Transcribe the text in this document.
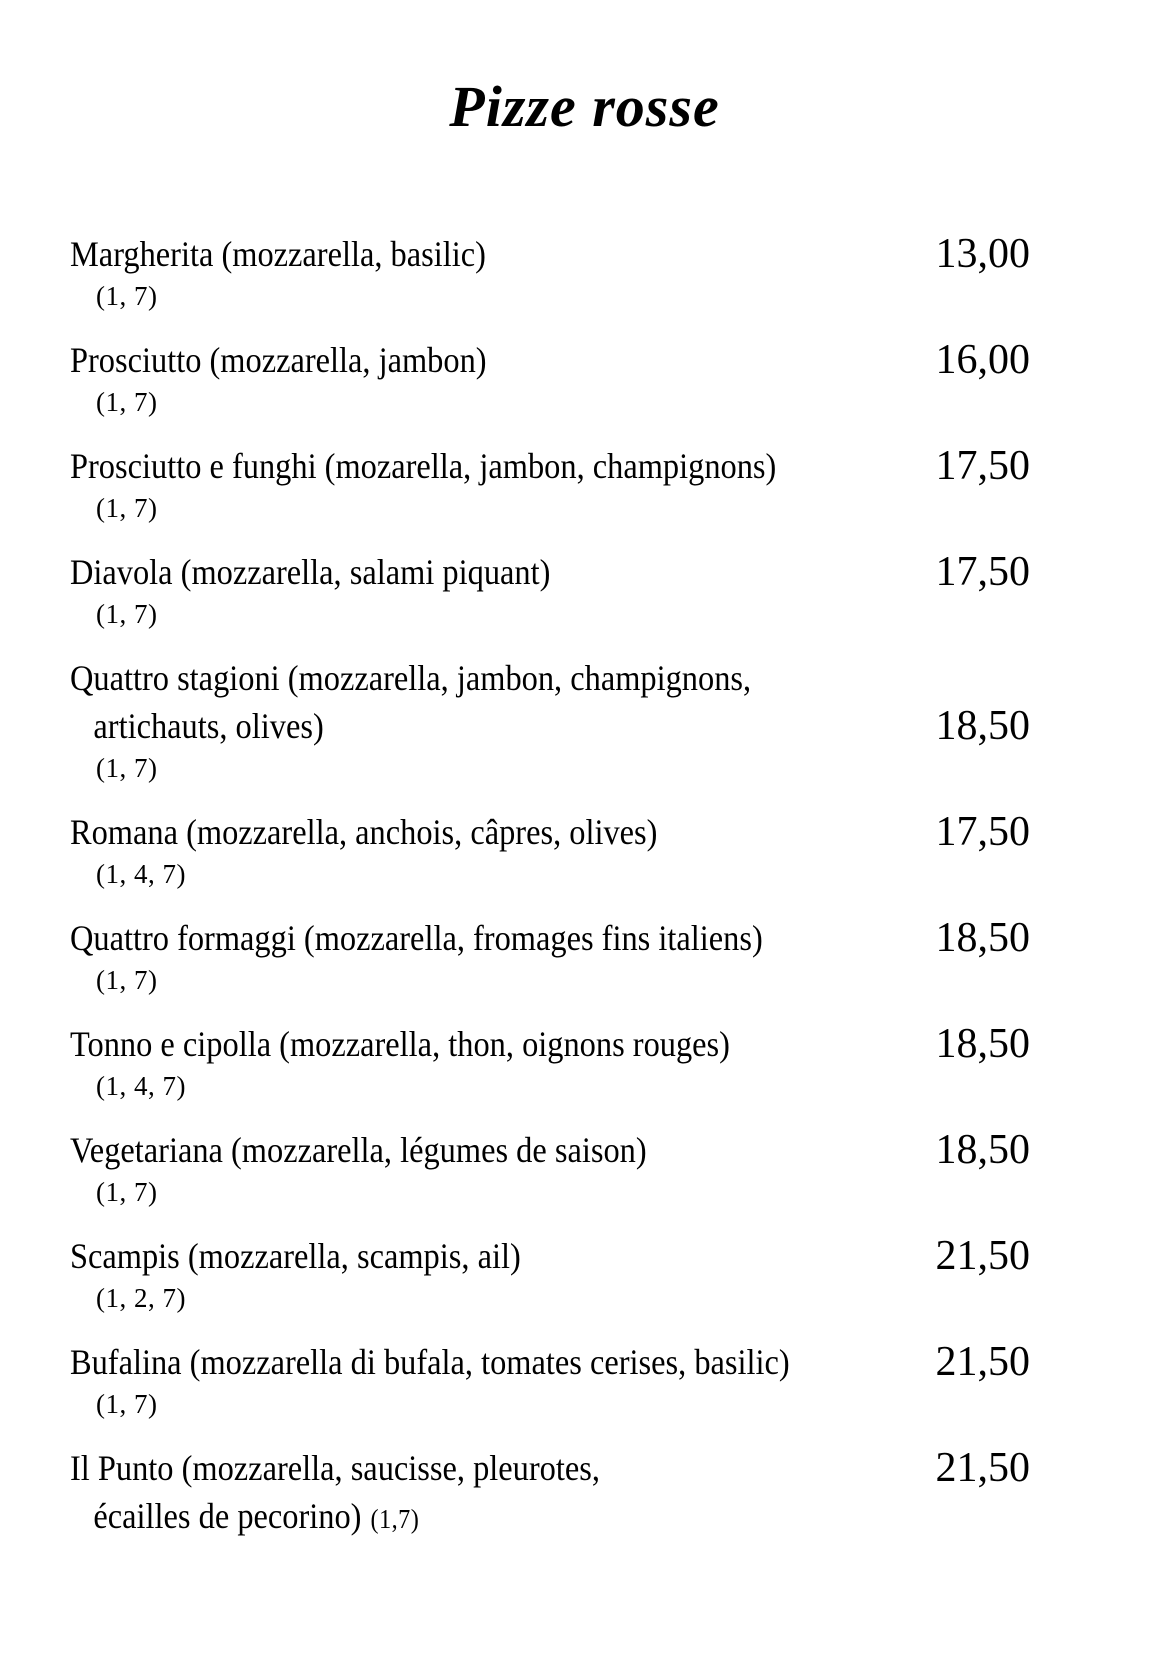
Pizze rosse
Margherita (mozzarella, basilic)
(1, 7)
13,00
Prosciutto (mozzarella, jambon)
(1, 7)
16,00
Prosciutto e funghi (mozarella, jambon, champignons)
(1, 7)
17,50
Diavola (mozzarella, salami piquant)
(1, 7)
17,50
Quattro stagioni (mozzarella, jambon, champignons,
artichauts, olives)
(1, 7)
18,50
Romana (mozzarella, anchois, câpres, olives)
(1, 4, 7)
17,50
Quattro formaggi (mozzarella, fromages fins italiens)
(1, 7)
18,50
Tonno e cipolla (mozzarella, thon, oignons rouges)
(1, 4, 7)
18,50
Vegetariana (mozzarella, légumes de saison)
(1, 7)
18,50
Scampis (mozzarella, scampis, ail)
(1, 2, 7)
21,50
Bufalina (mozzarella di bufala, tomates cerises, basilic)
(1, 7)
21,50
Il Punto (mozzarella, saucisse, pleurotes,
écailles de pecorino) (1,7)
21,50
